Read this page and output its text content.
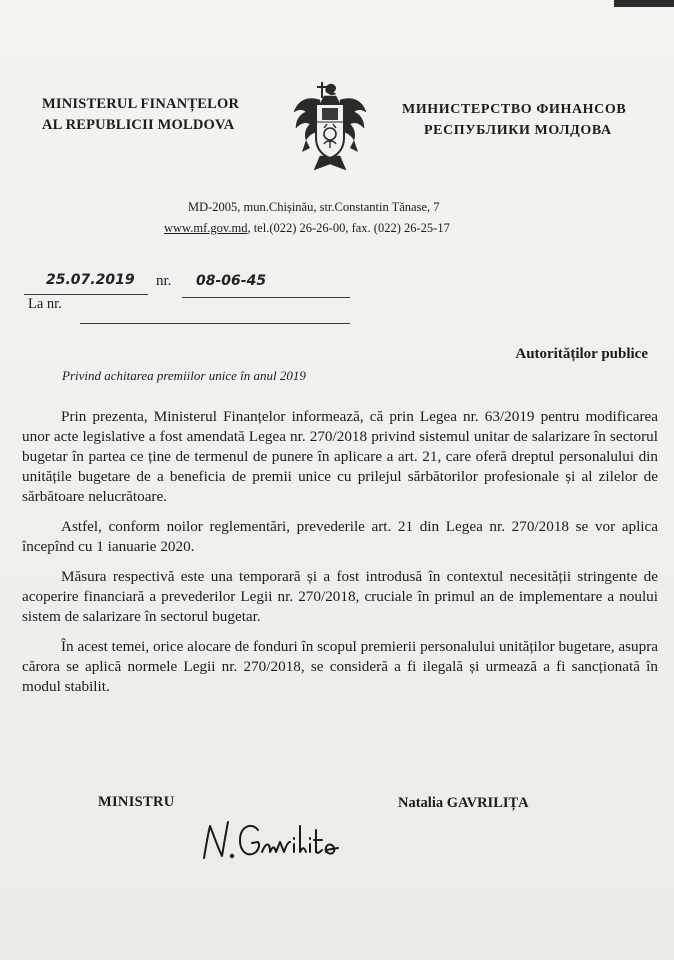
MINISTERUL FINANȚELOR
AL REPUBLICII MOLDOVA
МИНИСТЕРСТВО ФИНАНСОВ
РЕСПУБЛИКИ МОЛДОВА
MD-2005, mun.Chișinău, str.Constantin Tănase, 7
www.mf.gov.md, tel.(022) 26-26-00, fax. (022) 26-25-17
25.07.2019 nr. 08-06-45
La nr.
Autorităților publice
Privind achitarea premiilor unice în anul 2019

Prin prezenta, Ministerul Finanțelor informează, că prin Legea nr. 63/2019 pentru modificarea unor acte legislative a fost amendată Legea nr. 270/2018 privind sistemul unitar de salarizare în sectorul bugetar în partea ce ține de termenul de punere în aplicare a art. 21, care oferă dreptul personalului din unitățile bugetare de a beneficia de premii unice cu prilejul sărbătorilor profesionale și al zilelor de sărbătoare nelucrătoare.

Astfel, conform noilor reglementări, prevederile art. 21 din Legea nr. 270/2018 se vor aplica începînd cu 1 ianuarie 2020.

Măsura respectivă este una temporară și a fost introdusă în contextul necesității stringente de acoperire financiară a prevederilor Legii nr. 270/2018, cruciale în primul an de implementare a noului sistem de salarizare în sectorul bugetar.

În acest temei, orice alocare de fonduri în scopul premierii personalului unităților bugetare, asupra cărora se aplică normele Legii nr. 270/2018, se consideră a fi ilegală și urmează a fi sancționată în modul stabilit.

MINISTRU	Natalia GAVRILIȚA
